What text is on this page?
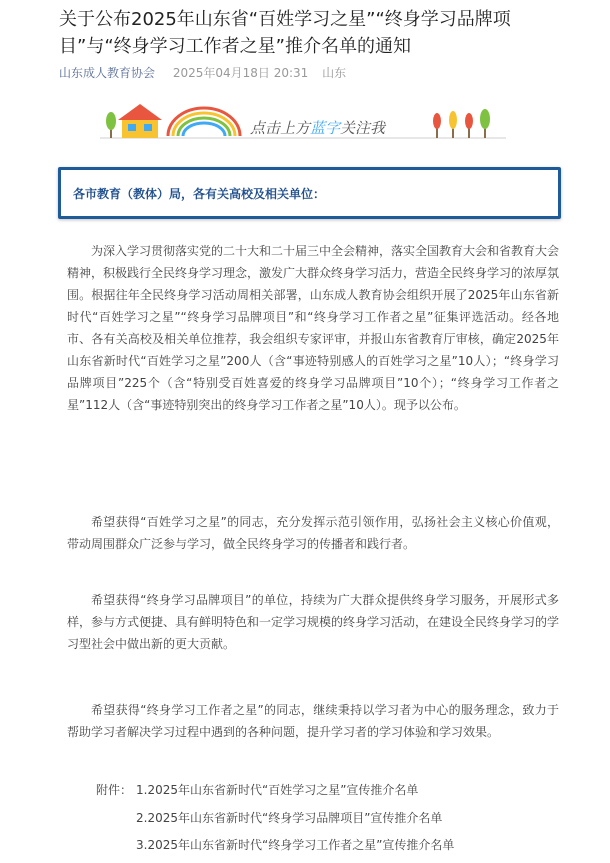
关于公布2025年山东省“百姓学习之星”“终身学习品牌项目”与“终身学习工作者之星”推介名单的通知
山东成人教育协会 2025年04月18日 20:31 山东
点击上方蓝字关注我
各市教育（教体）局，各有关高校及相关单位：

为深入学习贯彻落实党的二十大和二十届三中全会精神，落实全国教育大会和省教育大会精神，积极践行全民终身学习理念，激发广大群众终身学习活力，营造全民终身学习的浓厚氛围。根据往年全民终身学习活动周相关部署，山东成人教育协会组织开展了2025年山东省新时代“百姓学习之星”“终身学习品牌项目”和“终身学习工作者之星”征集评选活动。经各地市、各有关高校及相关单位推荐，我会组织专家评审，并报山东省教育厅审核，确定2025年山东省新时代“百姓学习之星”200人（含“事迹特别感人的百姓学习之星”10人）；“终身学习品牌项目”225个（含“特别受百姓喜爱的终身学习品牌项目”10个）；“终身学习工作者之星”112人（含“事迹特别突出的终身学习工作者之星”10人）。现予以公布。

希望获得“百姓学习之星”的同志，充分发挥示范引领作用，弘扬社会主义核心价值观，带动周围群众广泛参与学习，做全民终身学习的传播者和践行者。

希望获得“终身学习品牌项目”的单位，持续为广大群众提供终身学习服务，开展形式多样，参与方式便捷、具有鲜明特色和一定学习规模的终身学习活动，在建设全民终身学习的学习型社会中做出新的更大贡献。

希望获得“终身学习工作者之星”的同志，继续秉持以学习者为中心的服务理念，致力于帮助学习者解决学习过程中遇到的各种问题，提升学习者的学习体验和学习效果。

附件： 1.2025年山东省新时代“百姓学习之星”宣传推介名单
2.2025年山东省新时代“终身学习品牌项目”宣传推介名单
3.2025年山东省新时代“终身学习工作者之星”宣传推介名单
